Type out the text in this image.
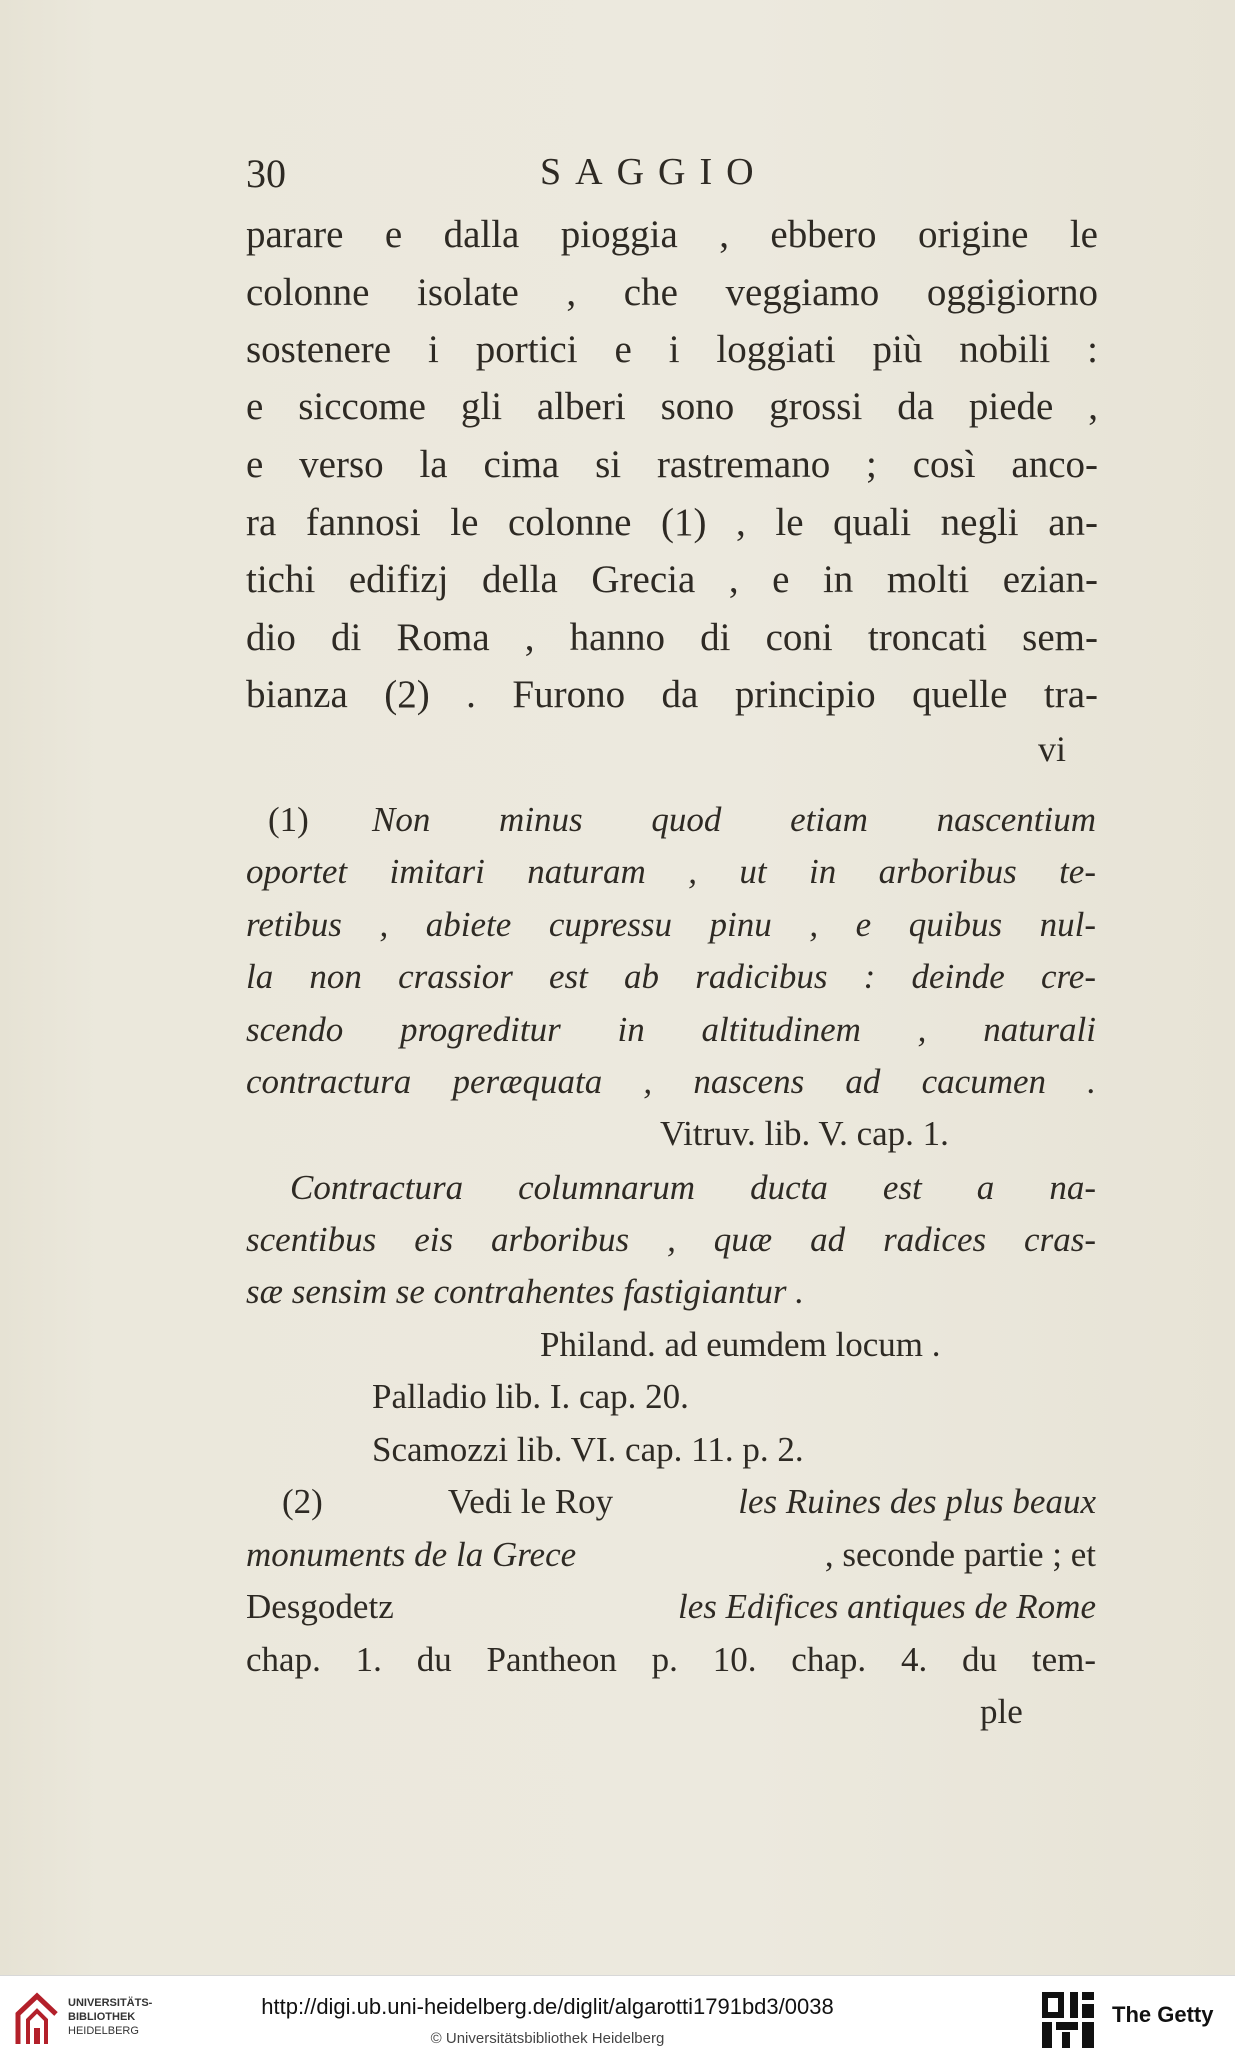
30	SAGGIO
parare e dalla pioggia , ebbero origine le
colonne isolate , che veggiamo oggigiorno
sostenere i portici e i loggiati più nobili :
e siccome gli alberi sono grossi da piede ,
e verso la cima si rastremano ; così anco-
ra fannosi le colonne (1) , le quali negli an-
tichi edifizj della Grecia , e in molti ezian-
dio di Roma , hanno di coni troncati sem-
bianza (2) . Furono da principio quelle tra-
vi
(1) Non minus quod etiam nascentium
oportet imitari naturam , ut in arboribus te-
retibus , abiete cupressu pinu , e quibus nul-
la non crassior est ab radicibus : deinde cre-
scendo progreditur in altitudinem , naturali
contractura peræquata , nascens ad cacumen .
Vitruv. lib. V. cap. 1.
Contractura columnarum ducta est a na-
scentibus eis arboribus , quæ ad radices cras-
sæ sensim se contrahentes fastigiantur .
Philand. ad eumdem locum .
Palladio lib. I. cap. 20.
Scamozzi lib. VI. cap. 11. p. 2.
(2)	Vedi le Roy	les Ruines des plus beaux
monuments de la Grece	, seconde partie ; et
Desgodetz	les Edifices antiques de Rome
chap. 1. du Pantheon p. 10. chap. 4. du tem-
ple
UNIVERSITÄTS-
BIBLIOTHEK
HEIDELBERG
http://digi.ub.uni-heidelberg.de/diglit/algarotti1791bd3/0038
© Universitätsbibliothek Heidelberg
The Getty
